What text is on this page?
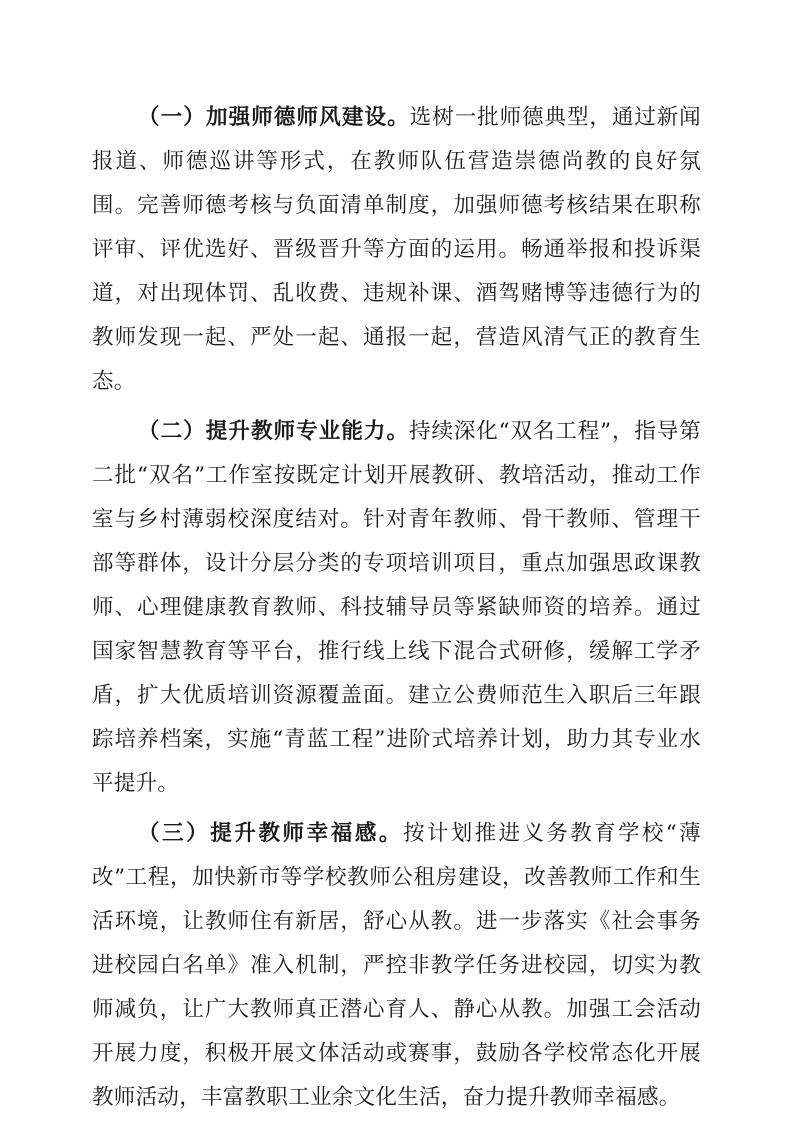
（一）加强师德师风建设。选树一批师德典型，通过新闻报道、师德巡讲等形式，在教师队伍营造崇德尚教的良好氛围。完善师德考核与负面清单制度，加强师德考核结果在职称评审、评优选好、晋级晋升等方面的运用。畅通举报和投诉渠道，对出现体罚、乱收费、违规补课、酒驾赌博等违德行为的教师发现一起、严处一起、通报一起，营造风清气正的教育生态。

（二）提升教师专业能力。持续深化“双名工程”，指导第二批“双名”工作室按既定计划开展教研、教培活动，推动工作室与乡村薄弱校深度结对。针对青年教师、骨干教师、管理干部等群体，设计分层分类的专项培训项目，重点加强思政课教师、心理健康教育教师、科技辅导员等紧缺师资的培养。通过国家智慧教育等平台，推行线上线下混合式研修，缓解工学矛盾，扩大优质培训资源覆盖面。建立公费师范生入职后三年跟踪培养档案，实施“青蓝工程”进阶式培养计划，助力其专业水平提升。

（三）提升教师幸福感。按计划推进义务教育学校“薄改”工程，加快新市等学校教师公租房建设，改善教师工作和生活环境，让教师住有新居，舒心从教。进一步落实《社会事务进校园白名单》准入机制，严控非教学任务进校园，切实为教师减负，让广大教师真正潜心育人、静心从教。加强工会活动开展力度，积极开展文体活动或赛事，鼓励各学校常态化开展教师活动，丰富教职工业余文化生活，奋力提升教师幸福感。
